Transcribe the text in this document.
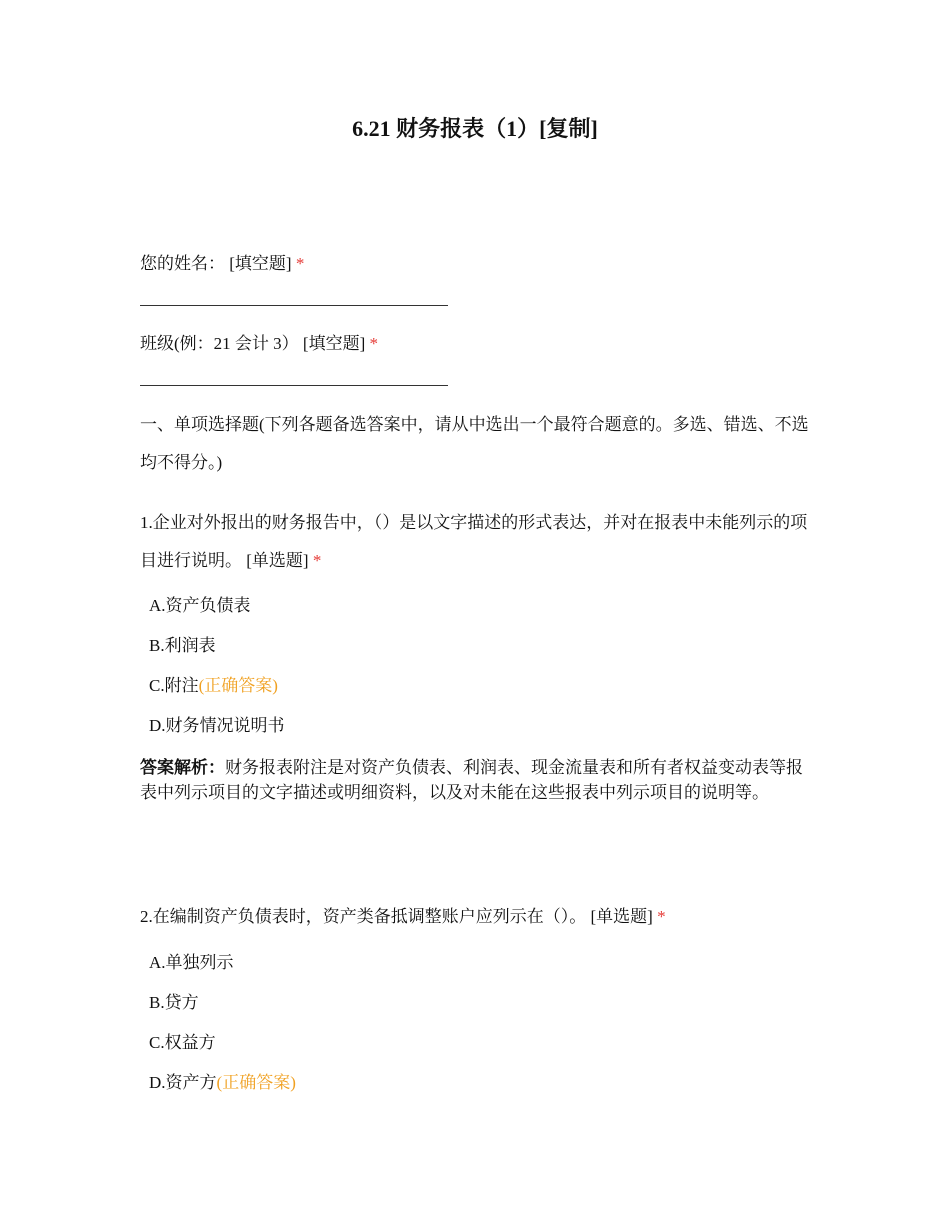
6.21 财务报表（1）[复制]
您的姓名： [填空题] *
班级(例：21 会计 3） [填空题] *
一、单项选择题(下列各题备选答案中，请从中选出一个最符合题意的。多选、错选、不选均不得分。)
1.企业对外报出的财务报告中，（）是以文字描述的形式表达，并对在报表中未能列示的项目进行说明。 [单选题] *
A.资产负债表
B.利润表
C.附注(正确答案)
D.财务情况说明书
答案解析：财务报表附注是对资产负债表、利润表、现金流量表和所有者权益变动表等报表中列示项目的文字描述或明细资料，以及对未能在这些报表中列示项目的说明等。
2.在编制资产负债表时，资产类备抵调整账户应列示在（）。 [单选题] *
A.单独列示
B.贷方
C.权益方
D.资产方(正确答案)
